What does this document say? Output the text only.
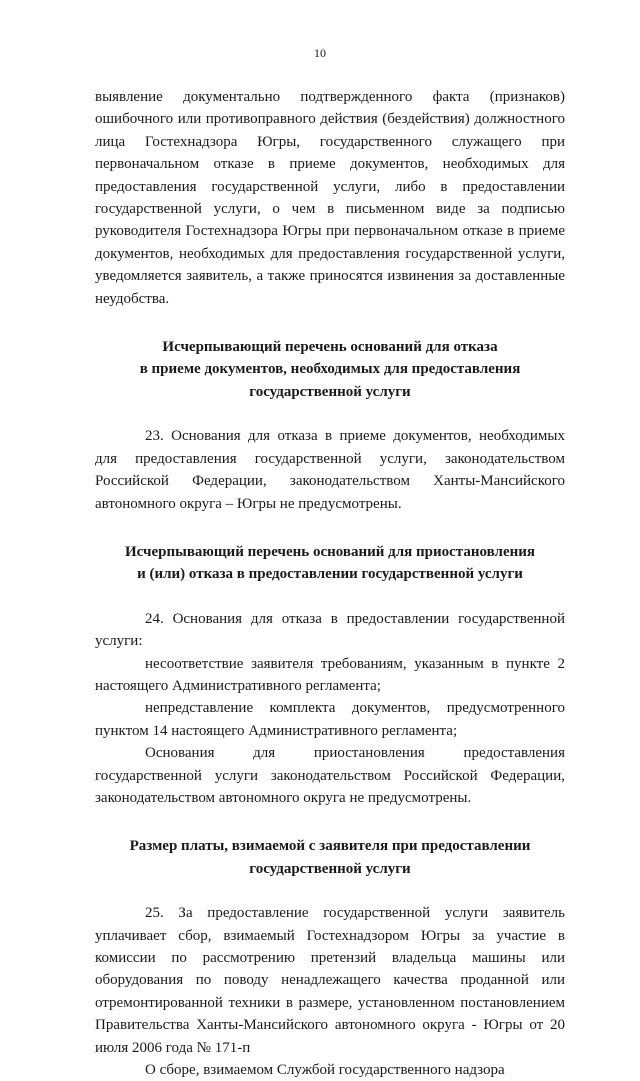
10

выявление документально подтвержденного факта (признаков) ошибочного или противоправного действия (бездействия) должностного лица Гостехнадзора Югры, государственного служащего при первоначальном отказе в приеме документов, необходимых для предоставления государственной услуги, либо в предоставлении государственной услуги, о чем в письменном виде за подписью руководителя Гостехнадзора Югры при первоначальном отказе в приеме документов, необходимых для предоставления государственной услуги, уведомляется заявитель, а также приносятся извинения за доставленные неудобства.

Исчерпывающий перечень оснований для отказа

в приеме документов, необходимых для предоставления

государственной услуги

23. Основания для отказа в приеме документов, необходимых для предоставления государственной услуги, законодательством Российской Федерации, законодательством Ханты-Мансийского автономного округа – Югры не предусмотрены.

Исчерпывающий перечень оснований для приостановления

и (или) отказа в предоставлении государственной услуги

24. Основания для отказа в предоставлении государственной услуги:

несоответствие заявителя требованиям, указанным в пункте 2 настоящего Административного регламента;

непредставление комплекта документов, предусмотренного пунктом 14 настоящего Административного регламента;

Основания для приостановления предоставления государственной услуги законодательством Российской Федерации, законодательством автономного округа не предусмотрены.

Размер платы, взимаемой с заявителя при предоставлении

государственной услуги

25. За предоставление государственной услуги заявитель уплачивает сбор, взимаемый Гостехнадзором Югры за участие в комиссии по рассмотрению претензий владельца машины или оборудования по поводу ненадлежащего качества проданной или отремонтированной техники в размере, установленном постановлением Правительства Ханты-Мансийского автономного округа - Югры от 20 июля 2006 года № 171-п

О сборе, взимаемом Службой государственного надзора
